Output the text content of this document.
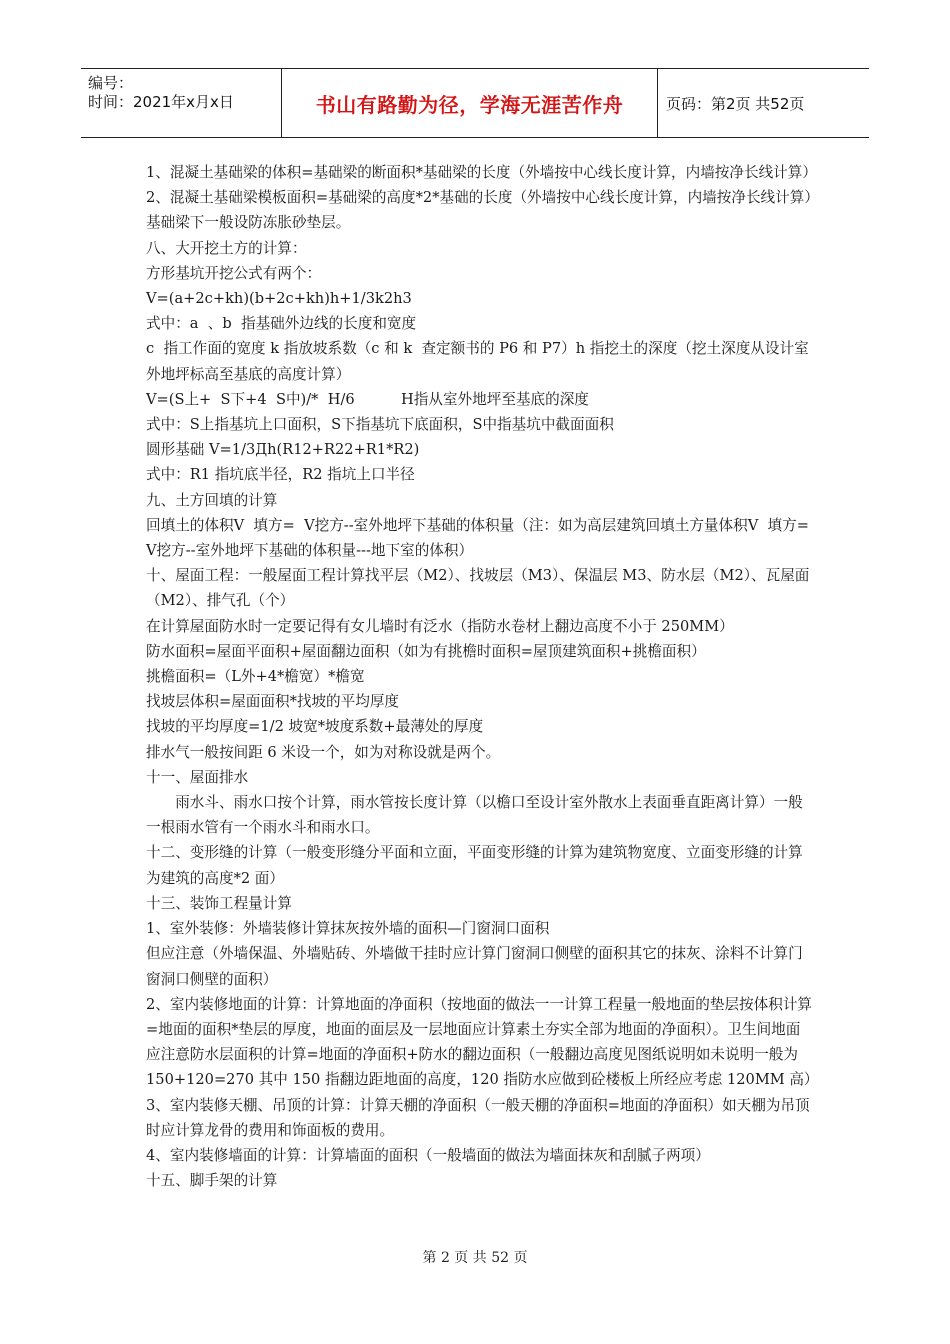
编号：
时间：2021年x月x日	书山有路勤为径，学海无涯苦作舟	页码：第2页 共52页

1、混凝土基础梁的体积=基础梁的断面积*基础梁的长度（外墙按中心线长度计算，内墙按净长线计算）

2、混凝土基础梁模板面积=基础梁的高度*2*基础的长度（外墙按中心线长度计算，内墙按净长线计算）基础梁下一般设防冻胀砂垫层。

八、大开挖土方的计算：

方形基坑开挖公式有两个：

V=(a+2c+kh)(b+2c+kh)h+1/3k2h3

式中：a  、b  指基础外边线的长度和宽度

c  指工作面的宽度 k 指放坡系数（c 和 k  查定额书的 P6 和 P7）h 指挖土的深度（挖土深度从设计室外地坪标高至基底的高度计算）

V=(S上+  S下+4  S中)/*  H/6          H指从室外地坪至基底的深度

式中：S上指基坑上口面积，S下指基坑下底面积，S中指基坑中截面面积

圆形基础 V=1/3Дh(R12+R22+R1*R2)

式中：R1 指坑底半径，R2 指坑上口半径

九、土方回填的计算

回填土的体积V  填方=  V挖方--室外地坪下基础的体积量（注：如为高层建筑回填土方量体积V  填方=  V挖方--室外地坪下基础的体积量---地下室的体积）

十、屋面工程：一般屋面工程计算找平层（M2）、找坡层（M3）、保温层 M3、防水层（M2）、瓦屋面（M2）、排气孔（个）

在计算屋面防水时一定要记得有女儿墙时有泛水（指防水卷材上翻边高度不小于 250MM）

防水面积=屋面平面积+屋面翻边面积（如为有挑檐时面积=屋顶建筑面积+挑檐面积）

挑檐面积=（L外+4*檐宽）*檐宽

找坡层体积=屋面面积*找坡的平均厚度

找坡的平均厚度=1/2 坡宽*坡度系数+最薄处的厚度

排水气一般按间距 6 米设一个，如为对称设就是两个。

十一、屋面排水

雨水斗、雨水口按个计算，雨水管按长度计算（以檐口至设计室外散水上表面垂直距离计算）一般一根雨水管有一个雨水斗和雨水口。

十二、变形缝的计算（一般变形缝分平面和立面，平面变形缝的计算为建筑物宽度、立面变形缝的计算为建筑的高度*2 面）

十三、装饰工程量计算

1、室外装修：外墙装修计算抹灰按外墙的面积—门窗洞口面积

但应注意（外墙保温、外墙贴砖、外墙做干挂时应计算门窗洞口侧壁的面积其它的抹灰、涂料不计算门窗洞口侧壁的面积）

2、室内装修地面的计算：计算地面的净面积（按地面的做法一一计算工程量一般地面的垫层按体积计算=地面的面积*垫层的厚度，地面的面层及一层地面应计算素土夯实全部为地面的净面积）。卫生间地面应注意防水层面积的计算=地面的净面积+防水的翻边面积（一般翻边高度见图纸说明如未说明一般为 150+120=270 其中 150 指翻边距地面的高度，120 指防水应做到砼楼板上所经应考虑 120MM 高）

3、室内装修天棚、吊顶的计算：计算天棚的净面积（一般天棚的净面积=地面的净面积）如天棚为吊顶时应计算龙骨的费用和饰面板的费用。

4、室内装修墙面的计算：计算墙面的面积（一般墙面的做法为墙面抹灰和刮腻子两项）

十五、脚手架的计算

第 2 页 共 52 页
